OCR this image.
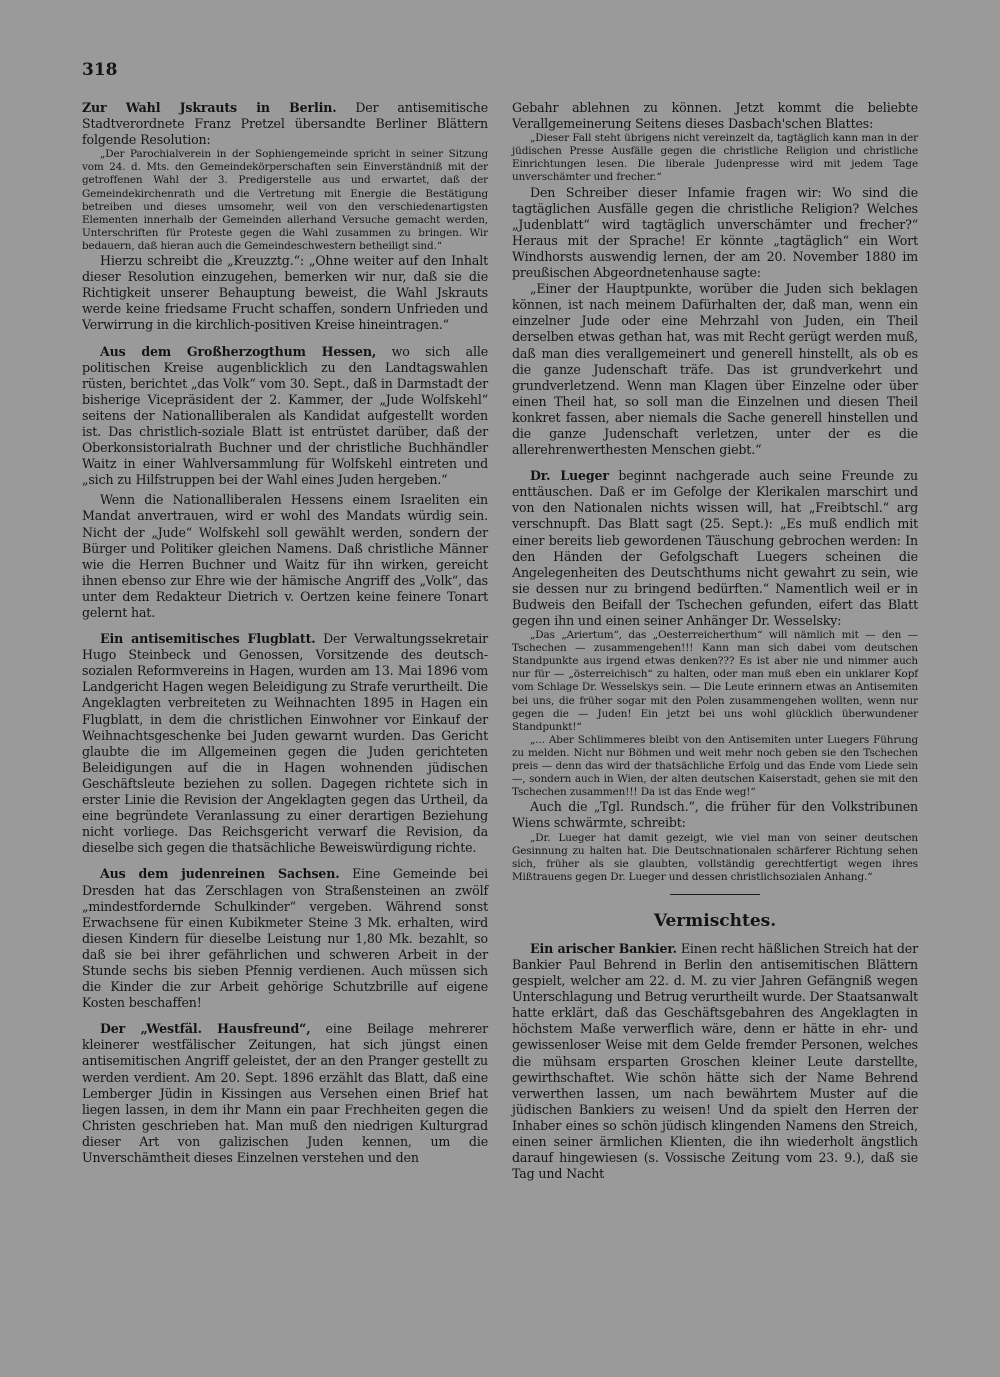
318

Zur Wahl Jskrauts in Berlin. Der antisemitische Stadtverordnete Franz Pretzel übersandte Berliner Blättern folgende Resolution:

„Der Parochialverein in der Sophiengemeinde spricht in seiner Sitzung vom 24. d. Mts. den Gemeindekörperschaften sein Einverständniß mit der getroffenen Wahl der 3. Predigerstelle aus und erwartet, daß der Gemeindekirchenrath und die Vertretung mit Energie die Bestätigung betreiben und dieses umsomehr, weil von den verschiedenartigsten Elementen innerhalb der Gemeinden allerhand Versuche gemacht werden, Unterschriften für Proteste gegen die Wahl zusammen zu bringen. Wir bedauern, daß hieran auch die Gemeindeschwestern betheiligt sind.“

Hierzu schreibt die „Kreuzztg.“: „Ohne weiter auf den Inhalt dieser Resolution einzugehen, bemerken wir nur, daß sie die Richtigkeit unserer Behauptung beweist, die Wahl Jskrauts werde keine friedsame Frucht schaffen, sondern Unfrieden und Verwirrung in die kirchlich-positiven Kreise hineintragen.“

Aus dem Großherzogthum Hessen, wo sich alle politischen Kreise augenblicklich zu den Landtagswahlen rüsten, berichtet „das Volk“ vom 30. Sept., daß in Darmstadt der bisherige Vicepräsident der 2. Kammer, der „Jude Wolfskehl“ seitens der Nationalliberalen als Kandidat aufgestellt worden ist. Das christlich-soziale Blatt ist entrüstet darüber, daß der Oberkonsistorialrath Buchner und der christliche Buchhändler Waitz in einer Wahlversammlung für Wolfskehl eintreten und „sich zu Hilfstruppen bei der Wahl eines Juden hergeben.“

Wenn die Nationalliberalen Hessens einem Israeliten ein Mandat anvertrauen, wird er wohl des Mandats würdig sein. Nicht der „Jude“ Wolfskehl soll gewählt werden, sondern der Bürger und Politiker gleichen Namens. Daß christliche Männer wie die Herren Buchner und Waitz für ihn wirken, gereicht ihnen ebenso zur Ehre wie der hämische Angriff des „Volk“, das unter dem Redakteur Dietrich v. Oertzen keine feinere Tonart gelernt hat.

Ein antisemitisches Flugblatt. Der Verwaltungssekretair Hugo Steinbeck und Genossen, Vorsitzende des deutsch-sozialen Reformvereins in Hagen, wurden am 13. Mai 1896 vom Landgericht Hagen wegen Beleidigung zu Strafe verurtheilt. Die Angeklagten verbreiteten zu Weihnachten 1895 in Hagen ein Flugblatt, in dem die christlichen Einwohner vor Einkauf der Weihnachtsgeschenke bei Juden gewarnt wurden. Das Gericht glaubte die im Allgemeinen gegen die Juden gerichteten Beleidigungen auf die in Hagen wohnenden jüdischen Geschäftsleute beziehen zu sollen. Dagegen richtete sich in erster Linie die Revision der Angeklagten gegen das Urtheil, da eine begründete Veranlassung zu einer derartigen Beziehung nicht vorliege. Das Reichsgericht verwarf die Revision, da dieselbe sich gegen die thatsächliche Beweiswürdigung richte.

Aus dem judenreinen Sachsen. Eine Gemeinde bei Dresden hat das Zerschlagen von Straßensteinen an zwölf „mindestfordernde Schulkinder“ vergeben. Während sonst Erwachsene für einen Kubikmeter Steine 3 Mk. erhalten, wird diesen Kindern für dieselbe Leistung nur 1,80 Mk. bezahlt, so daß sie bei ihrer gefährlichen und schweren Arbeit in der Stunde sechs bis sieben Pfennig verdienen. Auch müssen sich die Kinder die zur Arbeit gehörige Schutzbrille auf eigene Kosten beschaffen!

Der „Westfäl. Hausfreund“, eine Beilage mehrerer kleinerer westfälischer Zeitungen, hat sich jüngst einen antisemitischen Angriff geleistet, der an den Pranger gestellt zu werden verdient. Am 20. Sept. 1896 erzählt das Blatt, daß eine Lemberger Jüdin in Kissingen aus Versehen einen Brief hat liegen lassen, in dem ihr Mann ein paar Frechheiten gegen die Christen geschrieben hat. Man muß den niedrigen Kulturgrad dieser Art von galizischen Juden kennen, um die Unverschämtheit dieses Einzelnen verstehen und den

Gebahr ablehnen zu können. Jetzt kommt die beliebte Verallgemeinerung Seitens dieses Dasbach'schen Blattes:

„Dieser Fall steht übrigens nicht vereinzelt da, tagtäglich kann man in der jüdischen Presse Ausfälle gegen die christliche Religion und christliche Einrichtungen lesen. Die liberale Judenpresse wird mit jedem Tage unverschämter und frecher.“

Den Schreiber dieser Infamie fragen wir: Wo sind die tagtäglichen Ausfälle gegen die christliche Religion? Welches „Judenblatt“ wird tagtäglich unverschämter und frecher?“ Heraus mit der Sprache! Er könnte „tagtäglich“ ein Wort Windhorsts auswendig lernen, der am 20. November 1880 im preußischen Abgeordnetenhause sagte:

„Einer der Hauptpunkte, worüber die Juden sich beklagen können, ist nach meinem Dafürhalten der, daß man, wenn ein einzelner Jude oder eine Mehrzahl von Juden, ein Theil derselben etwas gethan hat, was mit Recht gerügt werden muß, daß man dies verallgemeinert und generell hinstellt, als ob es die ganze Judenschaft träfe. Das ist grundverkehrt und grundverletzend. Wenn man Klagen über Einzelne oder über einen Theil hat, so soll man die Einzelnen und diesen Theil konkret fassen, aber niemals die Sache generell hinstellen und die ganze Judenschaft verletzen, unter der es die allerehrenwerthesten Menschen giebt.“

Dr. Lueger beginnt nachgerade auch seine Freunde zu enttäuschen. Daß er im Gefolge der Klerikalen marschirt und von den Nationalen nichts wissen will, hat „Freibtschl.“ arg verschnupft. Das Blatt sagt (25. Sept.): „Es muß endlich mit einer bereits lieb gewordenen Täuschung gebrochen werden: In den Händen der Gefolgschaft Luegers scheinen die Angelegenheiten des Deutschthums nicht gewahrt zu sein, wie sie dessen nur zu bringend bedürften.“ Namentlich weil er in Budweis den Beifall der Tschechen gefunden, eifert das Blatt gegen ihn und einen seiner Anhänger Dr. Wesselsky:

„Das „Ariertum“, das „Oesterreicherthum“ will nämlich mit — den — Tschechen — zusammengehen!!! Kann man sich dabei vom deutschen Standpunkte aus irgend etwas denken??? Es ist aber nie und nimmer auch nur für — „österreichisch“ zu halten, oder man muß eben ein unklarer Kopf vom Schlage Dr. Wesselskys sein. — Die Leute erinnern etwas an Antisemiten bei uns, die früher sogar mit den Polen zusammengehen wollten, wenn nur gegen die — Juden! Ein jetzt bei uns wohl glücklich überwundener Standpunkt!“

„... Aber Schlimmeres bleibt von den Antisemiten unter Luegers Führung zu melden. Nicht nur Böhmen und weit mehr noch geben sie den Tschechen preis — denn das wird der thatsächliche Erfolg und das Ende vom Liede sein —, sondern auch in Wien, der alten deutschen Kaiserstadt, gehen sie mit den Tschechen zusammen!!! Da ist das Ende weg!“

Auch die „Tgl. Rundsch.“, die früher für den Volkstribunen Wiens schwärmte, schreibt:

„Dr. Lueger hat damit gezeigt, wie viel man von seiner deutschen Gesinnung zu halten hat. Die Deutschnationalen schärferer Richtung sehen sich, früher als sie glaubten, vollständig gerechtfertigt wegen ihres Mißtrauens gegen Dr. Lueger und dessen christlichsozialen Anhang.“

Vermischtes.

Ein arischer Bankier. Einen recht häßlichen Streich hat der Bankier Paul Behrend in Berlin den antisemitischen Blättern gespielt, welcher am 22. d. M. zu vier Jahren Gefängniß wegen Unterschlagung und Betrug verurtheilt wurde. Der Staatsanwalt hatte erklärt, daß das Geschäftsgebahren des Angeklagten in höchstem Maße verwerflich wäre, denn er hätte in ehr- und gewissenloser Weise mit dem Gelde fremder Personen, welches die mühsam ersparten Groschen kleiner Leute darstellte, gewirthschaftet. Wie schön hätte sich der Name Behrend verwerthen lassen, um nach bewährtem Muster auf die jüdischen Bankiers zu weisen! Und da spielt den Herren der Inhaber eines so schön jüdisch klingenden Namens den Streich, einen seiner ärmlichen Klienten, die ihn wiederholt ängstlich darauf hingewiesen (s. Vossische Zeitung vom 23. 9.), daß sie Tag und Nacht
